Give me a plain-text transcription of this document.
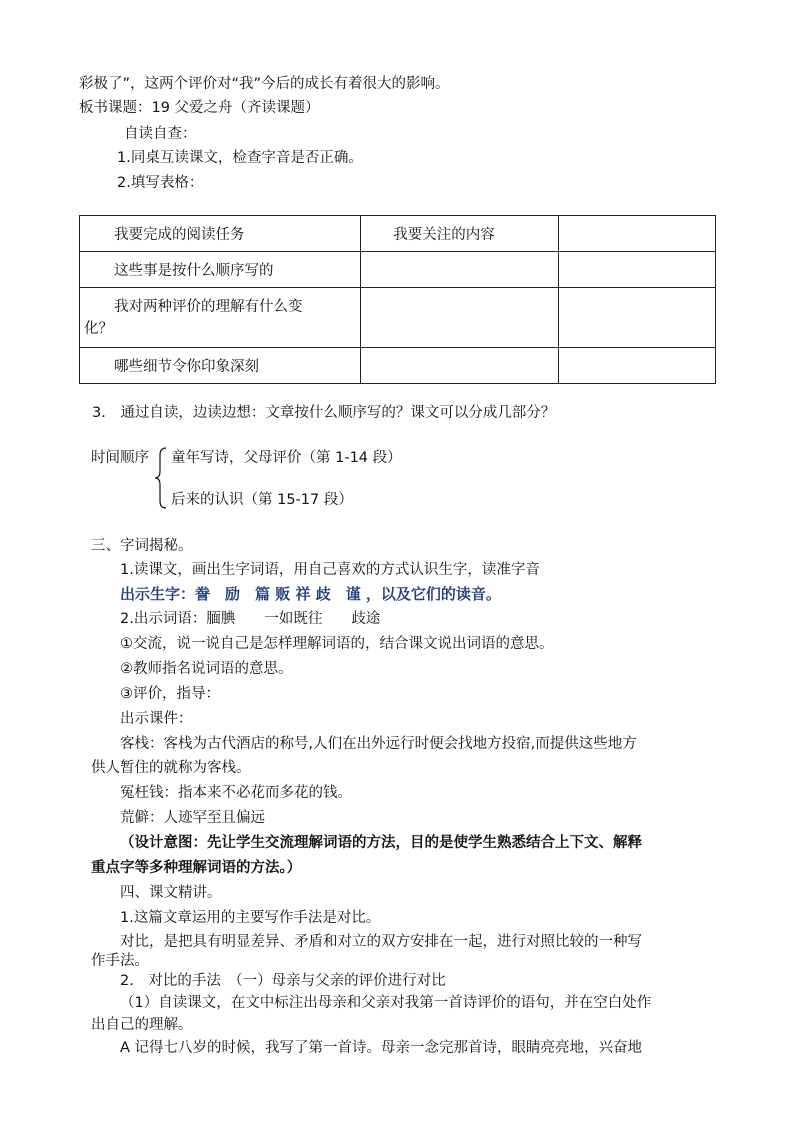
彩极了”，这两个评价对“我”今后的成长有着很大的影响。
板书课题：19 父爱之舟（齐读课题）
自读自查：
1.同桌互读课文，检查字音是否正确。
2.填写表格：
我要完成的阅读任务	我要关注的内容	
这些事是按什么顺序写的		

我对两种评价的理解有什么变化？		

哪些细节令你印象深刻		
3.　通过自读，边读边想：文章按什么顺序写的？课文可以分成几部分？
时间顺序 童年写诗，父母评价（第 1-14 段）
后来的认识（第 15-17 段）
三、字词揭秘。
1.读课文，画出生字词语，用自己喜欢的方式认识生字，读准字音
出示生字：誊　励　篇 贩 祥 歧　谨 ，以及它们的读音。
2.出示词语：腼腆　　一如既往　　歧途
①交流，说一说自己是怎样理解词语的，结合课文说出词语的意思。
②教师指名说词语的意思。
③评价，指导：
出示课件：
客栈：客栈为古代酒店的称号,人们在出外远行时便会找地方投宿,而提供这些地方
供人暂住的就称为客栈。
冤枉钱：指本来不必花而多花的钱。
荒僻：人迹罕至且偏远
（设计意图：先让学生交流理解词语的方法，目的是使学生熟悉结合上下文、解释
重点字等多种理解词语的方法。）
四、课文精讲。
1.这篇文章运用的主要写作手法是对比。
对比，是把具有明显差异、矛盾和对立的双方安排在一起，进行对照比较的一种写
作手法。
2.　对比的手法　（一）母亲与父亲的评价进行对比
（1）自读课文，在文中标注出母亲和父亲对我第一首诗评价的语句，并在空白处作
出自己的理解。
A 记得七八岁的时候，我写了第一首诗。母亲一念完那首诗，眼睛亮亮地，兴奋地
